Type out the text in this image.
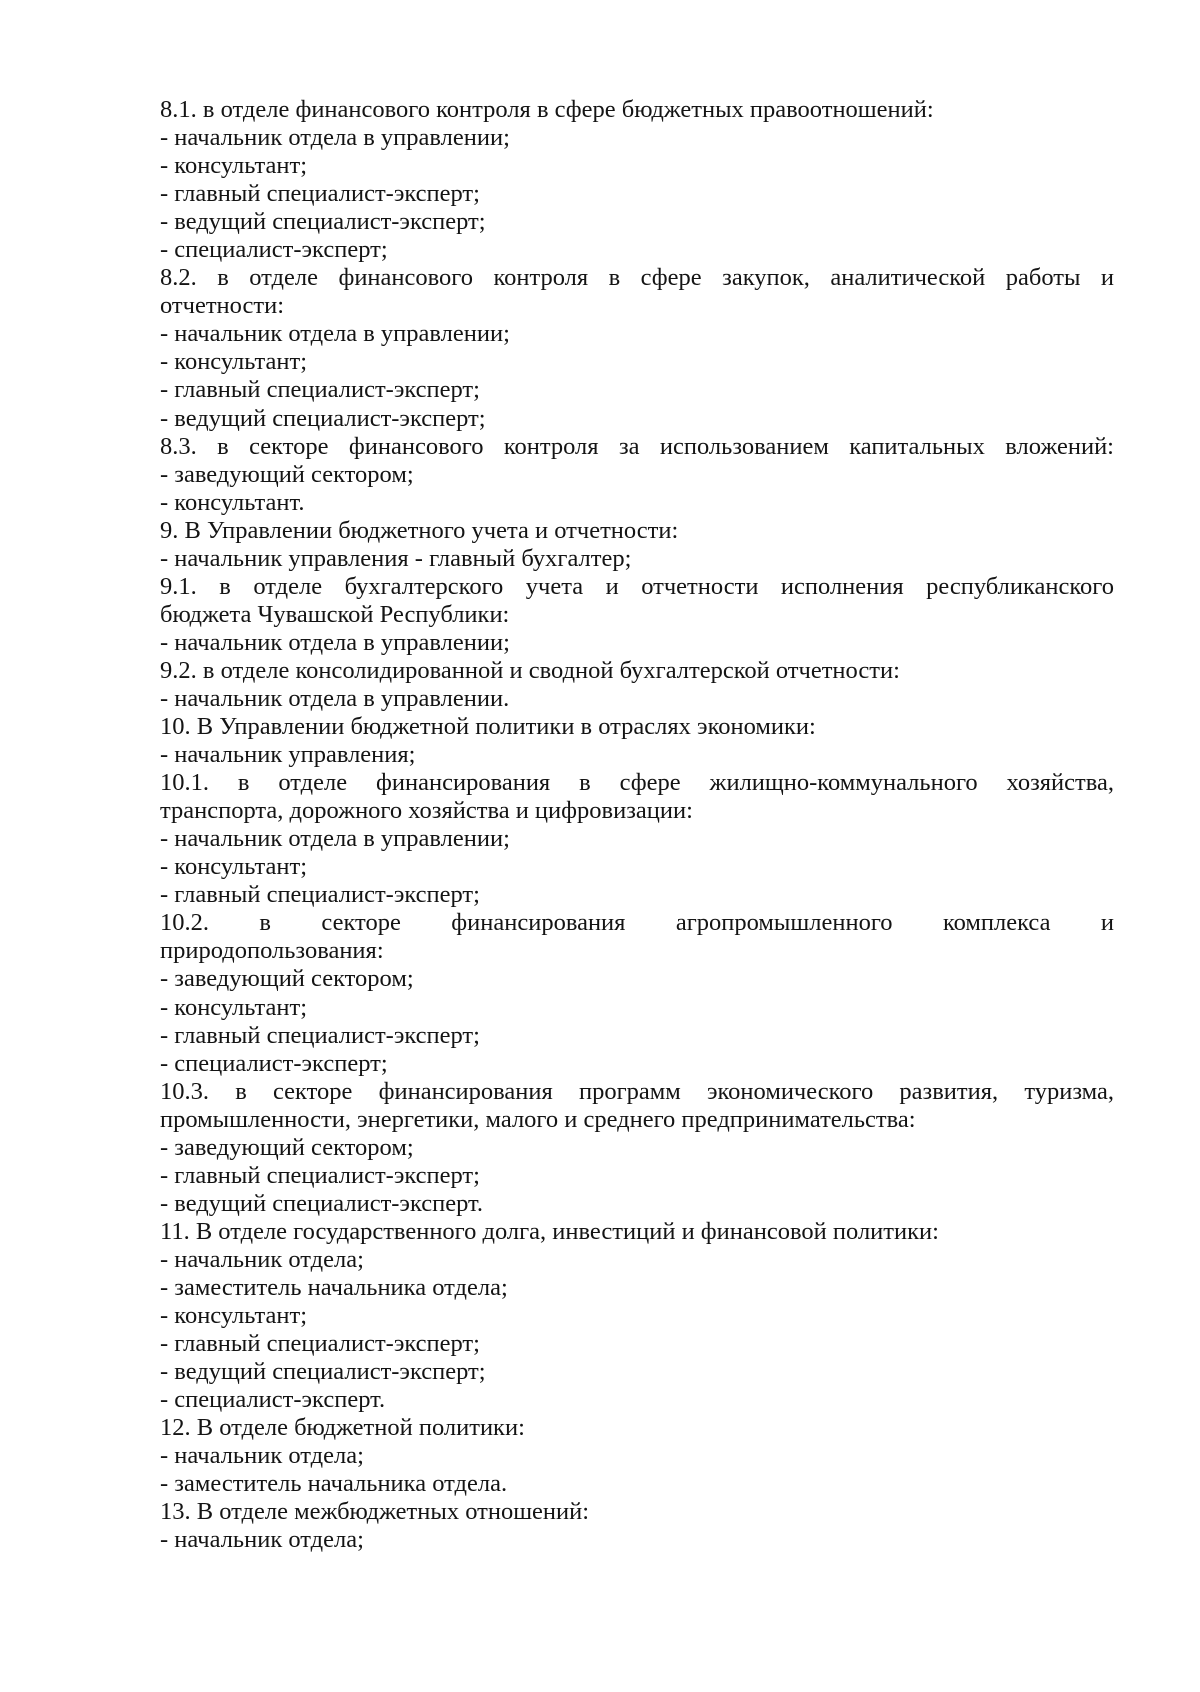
8.1. в отделе финансового контроля в сфере бюджетных правоотношений:
- начальник отдела в управлении;
- консультант;
- главный специалист-эксперт;
- ведущий специалист-эксперт;
- специалист-эксперт;
8.2. в отделе финансового контроля в сфере закупок, аналитической работы и
отчетности:
- начальник отдела в управлении;
- консультант;
- главный специалист-эксперт;
- ведущий специалист-эксперт;
8.3. в секторе финансового контроля за использованием капитальных вложений:
- заведующий сектором;
- консультант.
9. В Управлении бюджетного учета и отчетности:
- начальник управления - главный бухгалтер;
9.1. в отделе бухгалтерского учета и отчетности исполнения республиканского
бюджета Чувашской Республики:
- начальник отдела в управлении;
9.2. в отделе консолидированной и сводной бухгалтерской отчетности:
- начальник отдела в управлении.
10. В Управлении бюджетной политики в отраслях экономики:
- начальник управления;
10.1. в отделе финансирования в сфере жилищно-коммунального хозяйства,
транспорта, дорожного хозяйства и цифровизации:
- начальник отдела в управлении;
- консультант;
- главный специалист-эксперт;
10.2. в секторе финансирования агропромышленного комплекса и
природопользования:
- заведующий сектором;
- консультант;
- главный специалист-эксперт;
- специалист-эксперт;
10.3. в секторе финансирования программ экономического развития, туризма,
промышленности, энергетики, малого и среднего предпринимательства:
- заведующий сектором;
- главный специалист-эксперт;
- ведущий специалист-эксперт.
11. В отделе государственного долга, инвестиций и финансовой политики:
- начальник отдела;
- заместитель начальника отдела;
- консультант;
- главный специалист-эксперт;
- ведущий специалист-эксперт;
- специалист-эксперт.
12. В отделе бюджетной политики:
- начальник отдела;
- заместитель начальника отдела.
13. В отделе межбюджетных отношений:
- начальник отдела;
